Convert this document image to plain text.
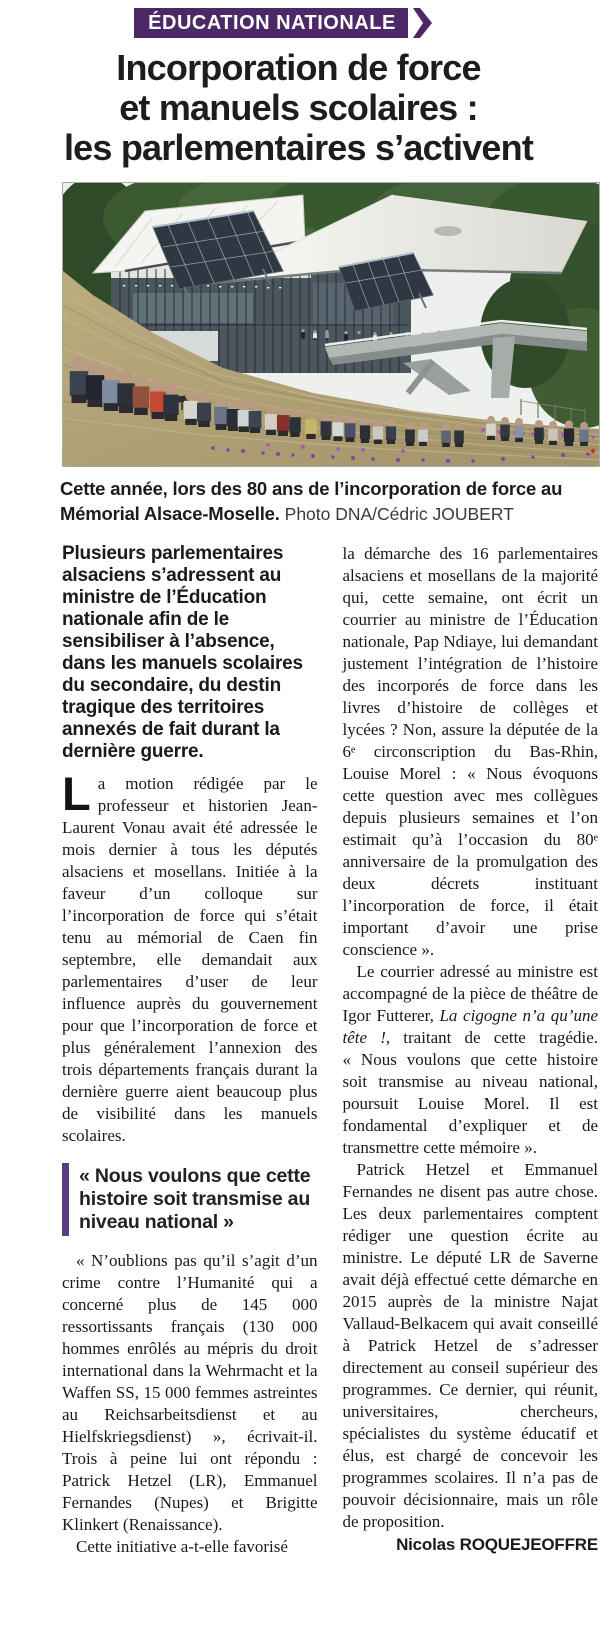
ÉDUCATION NATIONALE
Incorporation de force
et manuels scolaires :
les parlementaires s’activent
Cette année, lors des 80 ans de l’incorporation de force au Mémorial Alsace-Moselle. Photo DNA/Cédric JOUBERT

Plusieurs parlementaires alsaciens s’adressent au ministre de l’Éducation nationale afin de le sensibiliser à l’absence, dans les manuels scolaires du secondaire, du destin tragique des territoires annexés de fait durant la dernière guerre.

La motion rédigée par le professeur et historien Jean-Laurent Vonau avait été adressée le mois dernier à tous les députés alsaciens et mosellans. Initiée à la faveur d’un colloque sur l’incorporation de force qui s’était tenu au mémorial de Caen fin septembre, elle demandait aux parlementaires d’user de leur influence auprès du gouvernement pour que l’incorporation de force et plus généralement l’annexion des trois départements français durant la dernière guerre aient beaucoup plus de visibilité dans les manuels scolaires.

« Nous voulons que cette histoire soit transmise au niveau national »

« N’oublions pas qu’il s’agit d’un crime contre l’Humanité qui a concerné plus de 145 000 ressortissants français (130 000 hommes enrôlés au mépris du droit international dans la Wehrmacht et la Waffen SS, 15 000 femmes astreintes au Reichsarbeitsdienst et au Hielfskriegsdienst) », écrivait-il. Trois à peine lui ont répondu : Patrick Hetzel (LR), Emmanuel Fernandes (Nupes) et Brigitte Klinkert (Renaissance).

Cette initiative a-t-elle favorisé

la démarche des 16 parlementaires alsaciens et mosellans de la majorité qui, cette semaine, ont écrit un courrier au ministre de l’Éducation nationale, Pap Ndiaye, lui demandant justement l’intégration de l’histoire des incorporés de force dans les livres d’histoire de collèges et lycées ? Non, assure la députée de la 6ᵉ circonscription du Bas-Rhin, Louise Morel : « Nous évoquons cette question avec mes collègues depuis plusieurs semaines et l’on estimait qu’à l’occasion du 80ᵉ anniversaire de la promulgation des deux décrets instituant l’incorporation de force, il était important d’avoir une prise conscience ».

Le courrier adressé au ministre est accompagné de la pièce de théâtre de Igor Futterer, La cigogne n’a qu’une tête !, traitant de cette tragédie. « Nous voulons que cette histoire soit transmise au niveau national, poursuit Louise Morel. Il est fondamental d’expliquer et de transmettre cette mémoire ».

Patrick Hetzel et Emmanuel Fernandes ne disent pas autre chose. Les deux parlementaires comptent rédiger une question écrite au ministre. Le député LR de Saverne avait déjà effectué cette démarche en 2015 auprès de la ministre Najat Vallaud-Belkacem qui avait conseillé à Patrick Hetzel de s’adresser directement au conseil supérieur des programmes. Ce dernier, qui réunit, universitaires, chercheurs, spécialistes du système éducatif et élus, est chargé de concevoir les programmes scolaires. Il n’a pas de pouvoir décisionnaire, mais un rôle de proposition.

Nicolas ROQUEJEOFFRE
